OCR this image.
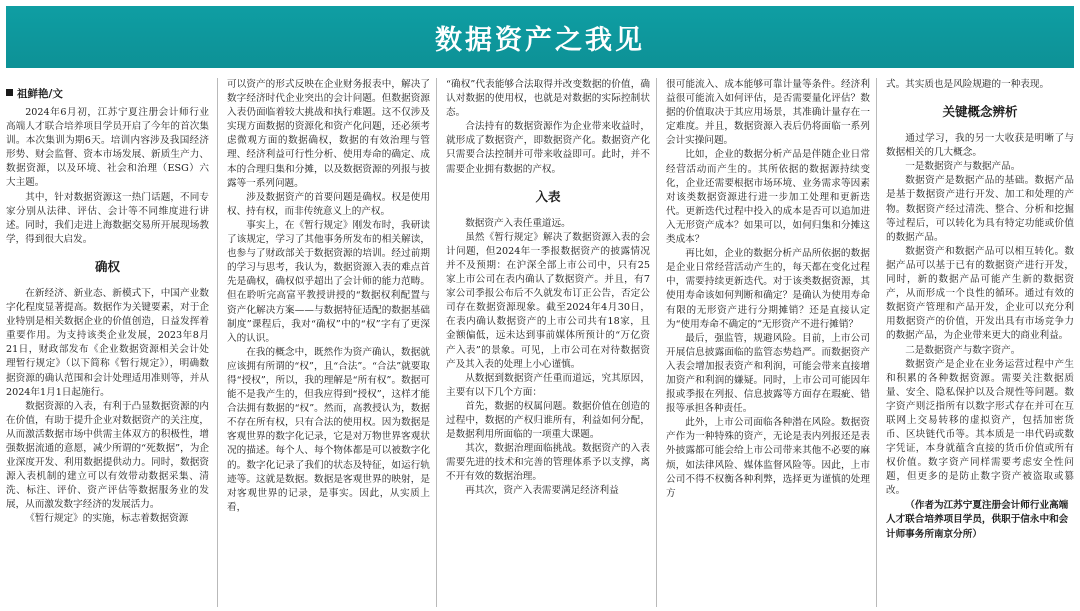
数据资产之我见
祖鲜艳/文

2024年6月初，江苏宁夏注册会计师行业高端人才联合培养项目学员开启了今年的首次集训。本次集训为期6天。培训内容涉及我国经济形势、财会监督、资本市场发展、新质生产力、数据资源，以及环境、社会和治理（ESG）六大主题。

其中，针对数据资源这一热门话题，不同专家分别从法律、评估、会计等不同维度进行讲述。同时，我们走进上海数据交易所开展现场教学，得到很大启发。

确权

在新经济、新业态、新模式下，中国产业数字化程度显著提高。数据作为关键要素，对于企业特别是相关数据企业的价值创造，日益发挥着重要作用。为支持该类企业发展，2023年8月21日，财政部发布《企业数据资源相关会计处理暂行规定》（以下简称《暂行规定》），明确数据资源的确认范围和会计处理适用准则等，并从2024年1月1日起施行。

数据资源的入表，有利于凸显数据资源的内在价值，有助于提升企业对数据资产的关注度，从而激活数据市场中供需主体双方的积极性，增强数据流通的意愿，减少所谓的“死数据”，为企业深度开发、利用数据提供动力。同时，数据资源入表机制的建立可以有效带动数据采集、清洗、标注、评价、资产评估等数据服务业的发展，从而激发数字经济的发展活力。

《暂行规定》的实施，标志着数据资源

可以资产的形式反映在企业财务报表中，解决了数字经济时代企业突出的会计问题。但数据资源入表仍面临着较大挑战和执行难题。这不仅涉及实现方面数据的资源化和资产化问题，还必须考虑微观方面的数据确权，数据的有效治理与管理、经济利益可行性分析、使用寿命的确定、成本的合理归集和分摊，以及数据资源的列报与披露等一系列问题。

涉及数据资产的首要问题是确权。权是使用权、持有权，而非传统意义上的产权。

事实上，在《暂行规定》刚发布时，我研读了该规定，学习了其他事务所发布的相关解读，也参与了财政部关于数据资源的培训。经过前期的学习与思考，我认为，数据资源入表的难点首先是确权，确权似乎超出了会计师的能力范畴。但在聆听完高富平教授讲授的“数据权利配置与资产化解决方案——与数据特征适配的数据基础制度”课程后，我对“确权”中的“权”字有了更深入的认识。

在我的概念中，既然作为资产确认，数据就应该拥有所谓的“权”，且“合法”。“合法”就要取得“授权”，所以，我的理解是“所有权”。数据可能不是我产生的，但我应得到“授权”，这样才能合法拥有数据的“权”。然而，高教授认为，数据不存在所有权，只有合法的使用权。因为数据是客观世界的数字化记录，它是对万物世界客观状况的描述。每个人、每个物体都是可以被数字化的。数字化记录了我们的状态及特征，如运行轨迹等。这就是数据。数据是客观世界的映射，是对客观世界的记录，是事实。因此，从实质上看，

“确权”代表能够合法取得并改变数据的价值，确认对数据的使用权，也就是对数据的实际控制状态。

合法持有的数据资源作为企业带来收益时，就形成了数据资产，即数据资产化。数据资产化只需要合法控制并可带来收益即可。此时，并不需要企业拥有数据的产权。

入表

数据资产入表任重道远。

虽然《暂行规定》解决了数据资源入表的会计问题，但2024年一季报数据资产的披露情况并不及预期：在沪深全部上市公司中，只有25家上市公司在表内确认了数据资产。并且，有7家公司季报公布后不久就发布订正公告，否定公司存在数据资源现象。截至2024年4月30日，在表内确认数据资产的上市公司共有18家，且金额偏低，远未达到事前媒体所预计的“万亿资产入表”的景象。可见，上市公司在对待数据资产及其入表的处理上小心谨慎。

从数据到数据资产任重而道远，究其原因，主要有以下几个方面：

首先，数据的权属问题。数据价值在创造的过程中，数据的产权归谁所有，利益如何分配，是数据利用所面临的一项重大课题。

其次，数据治理面临挑战。数据资产的入表需要先进的技术和完善的管理体系予以支撑，离不开有效的数据治理。

再其次，资产入表需要满足经济利益

很可能流入、成本能够可靠计量等条件。经济利益很可能流入如何评估，是否需要量化评估？数据的价值取决于其应用场景，其准确计量存在一定难度。并且，数据资源入表后仍将面临一系列会计实操问题。

比如，企业的数据分析产品是伴随企业日常经营活动而产生的。其所依据的数据源持续变化，企业还需要根据市场环境、业务需求等因素对该类数据资源进行进一步加工处理和更新迭代。更新迭代过程中投入的成本是否可以追加进入无形资产成本？如果可以，如何归集和分摊这类成本？

再比如，企业的数据分析产品所依据的数据是企业日常经营活动产生的，每天都在变化过程中，需要持续更新迭代。对于该类数据资源，其使用寿命该如何判断和确定？是确认为使用寿命有限的无形资产进行分期摊销？还是直接认定为“使用寿命不确定的”无形资产不进行摊销？

最后，强监管，规避风险。目前，上市公司开展信息披露面临的监管态势趋严。而数据资产入表会增加报表资产和利润，可能会带来直接增加资产和利润的嫌疑。同时，上市公司可能因年报或季报在列报、信息披露等方面存在瑕疵、错报等承担各种责任。

此外，上市公司面临各种潜在风险。数据资产作为一种特殊的资产，无论是表内列报还是表外披露都可能会给上市公司带来其他不必要的麻烦，如法律风险、媒体监督风险等。因此，上市公司不得不权衡各种利弊，选择更为谨慎的处理方

式。其实质也是风险规避的一种表现。

关键概念辨析

通过学习，我的另一大收获是明晰了与数据相关的几大概念。

一是数据资产与数据产品。

数据资产是数据产品的基础。数据产品是基于数据资产进行开发、加工和处理的产物。数据资产经过清洗、整合、分析和挖掘等过程后，可以转化为具有特定功能或价值的数据产品。

数据资产和数据产品可以相互转化。数据产品可以基于已有的数据资产进行开发，同时，新的数据产品可能产生新的数据资产，从而形成一个良性的循环。通过有效的数据资产管理和产品开发，企业可以充分利用数据资产的价值，开发出具有市场竞争力的数据产品，为企业带来更大的商业利益。

二是数据资产与数字资产。

数据资产是企业在业务运营过程中产生和积累的各种数据资源。需要关注数据质量、安全、隐私保护以及合规性等问题。数字资产则泛指所有以数字形式存在并可在互联网上交易转移的虚拟资产，包括加密货币、区块链代币等。其本质是一串代码或数字凭证，本身就蕴含直接的货币价值或所有权价值。数字资产同样需要考虑安全性问题，但更多的是防止数字资产被盗取或篡改。

（作者为江苏宁夏注册会计师行业高端人才联合培养项目学员，供职于信永中和会计师事务所南京分所）
